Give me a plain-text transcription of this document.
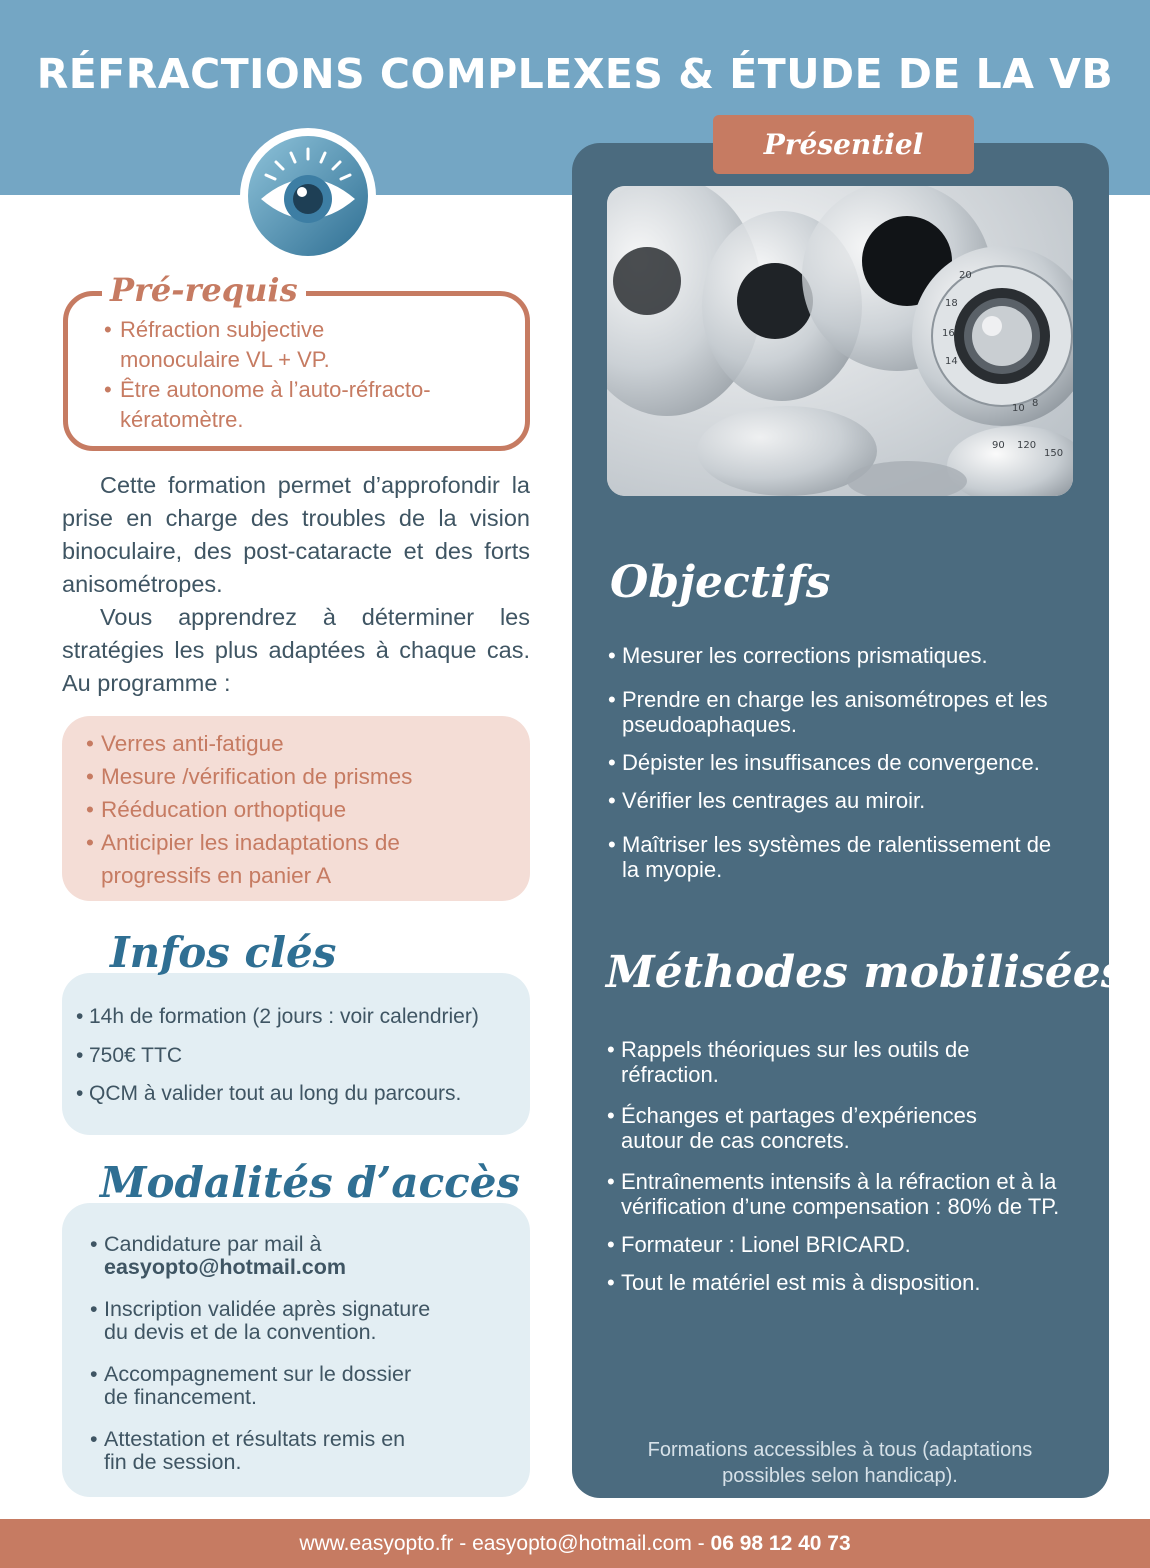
RÉFRACTIONS COMPLEXES & ÉTUDE DE LA VB
Présentiel
20
18
16
14
10 8
90 120
150
Objectifs
• Mesurer les corrections prismatiques.
• Prendre en charge les anisométropes et les pseudoaphaques.
• Dépister les insuffisances de convergence.
• Vérifier les centrages au miroir.
• Maîtriser les systèmes de ralentissement de la myopie.
Méthodes mobilisées
• Rappels théoriques sur les outils de réfraction.
• Échanges et partages d’expériences autour de cas concrets.
• Entraînements intensifs à la réfraction et à la vérification d’une compensation : 80% de TP.
• Formateur : Lionel BRICARD.
• Tout le matériel est mis à disposition.

Formations accessibles à tous (adaptations possibles selon handicap).

Pré-requis
• Réfraction subjective monoculaire VL + VP.
• Être autonome à l’auto-réfracto-kératomètre.

Cette formation permet d’approfondir la prise en charge des troubles de la vision binoculaire, des post-cataracte et des forts anisométropes.

Vous apprendrez à déterminer les stratégies les plus adaptées à chaque cas. Au programme :

• Verres anti-fatigue
• Mesure /vérification de prismes
• Rééducation orthoptique
• Anticipier les inadaptations de progressifs en panier A
Infos clés
• 14h de formation (2 jours : voir calendrier)
• 750€ TTC
• QCM à valider tout au long du parcours.
Modalités d’accès
• Candidature par mail à
easyopto@hotmail.com
• Inscription validée après signature du devis et de la convention.
• Accompagnement sur le dossier de financement.
• Attestation et résultats remis en fin de session.
www.easyopto.fr - easyopto@hotmail.com - 06 98 12 40 73
